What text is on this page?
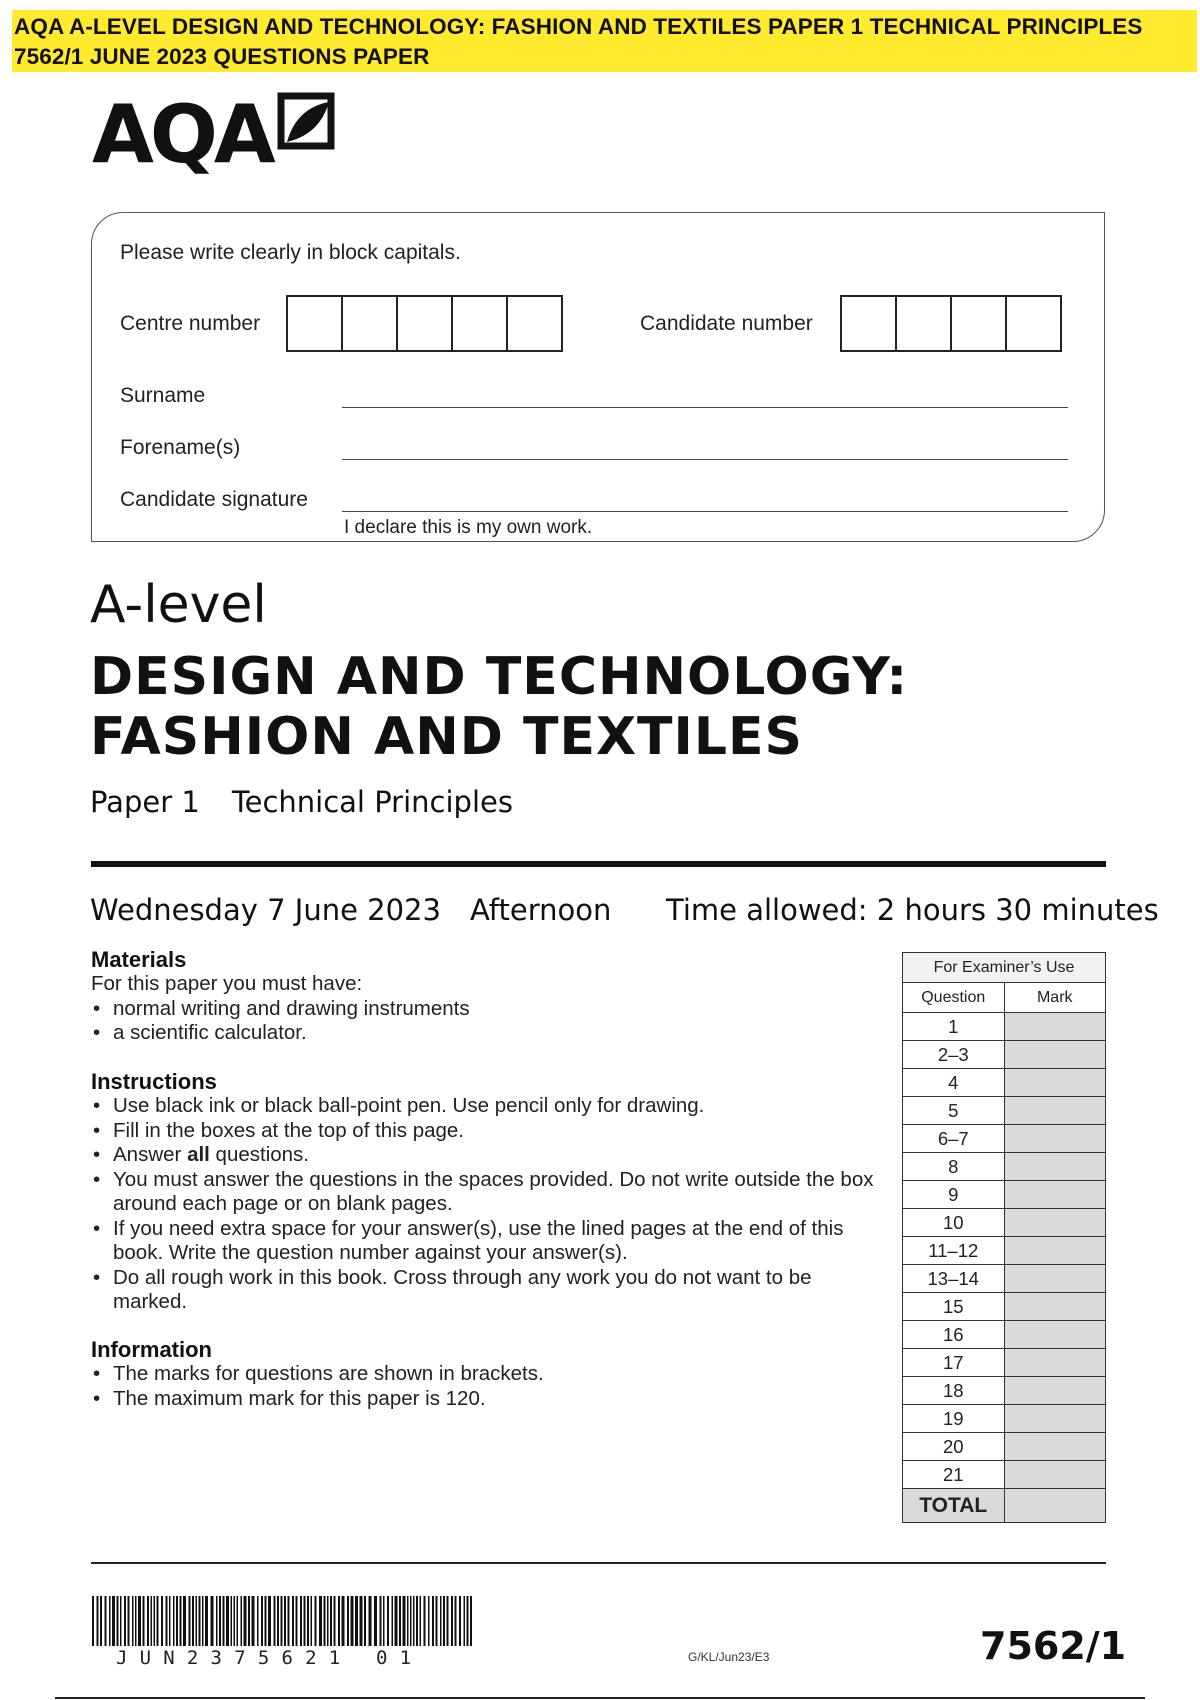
AQA A-LEVEL DESIGN AND TECHNOLOGY: FASHION AND TEXTILES PAPER 1 TECHNICAL PRINCIPLES 7562/1 JUNE 2023 QUESTIONS PAPER
AQA
Please write clearly in block capitals.
Centre number	Candidate number
Surname
Forename(s)
Candidate signature
I declare this is my own work.
A-level
DESIGN AND TECHNOLOGY:
FASHION AND TEXTILES
Paper 1 Technical Principles
Wednesday 7 June 2023 Afternoon Time allowed: 2 hours 30 minutes
Materials
For this paper you must have:
• normal writing and drawing instruments
• a scientific calculator.
Instructions
• Use black ink or black ball-point pen. Use pencil only for drawing.
• Fill in the boxes at the top of this page.
• Answer all questions.
• You must answer the questions in the spaces provided. Do not write outside the box around each page or on blank pages.
• If you need extra space for your answer(s), use the lined pages at the end of this book. Write the question number against your answer(s).
• Do all rough work in this book. Cross through any work you do not want to be marked.
Information
• The marks for questions are shown in brackets.
• The maximum mark for this paper is 120.
For Examiner’s Use	
Question	Mark
1	
2–3	
4	
5	
6–7	
8	
9	
10	
11–12	
13–14	
15	
16	
17	
18	
19	
20	
21	
TOTAL	
JUN2375621 01	G/KL/Jun23/E3	7562/1
